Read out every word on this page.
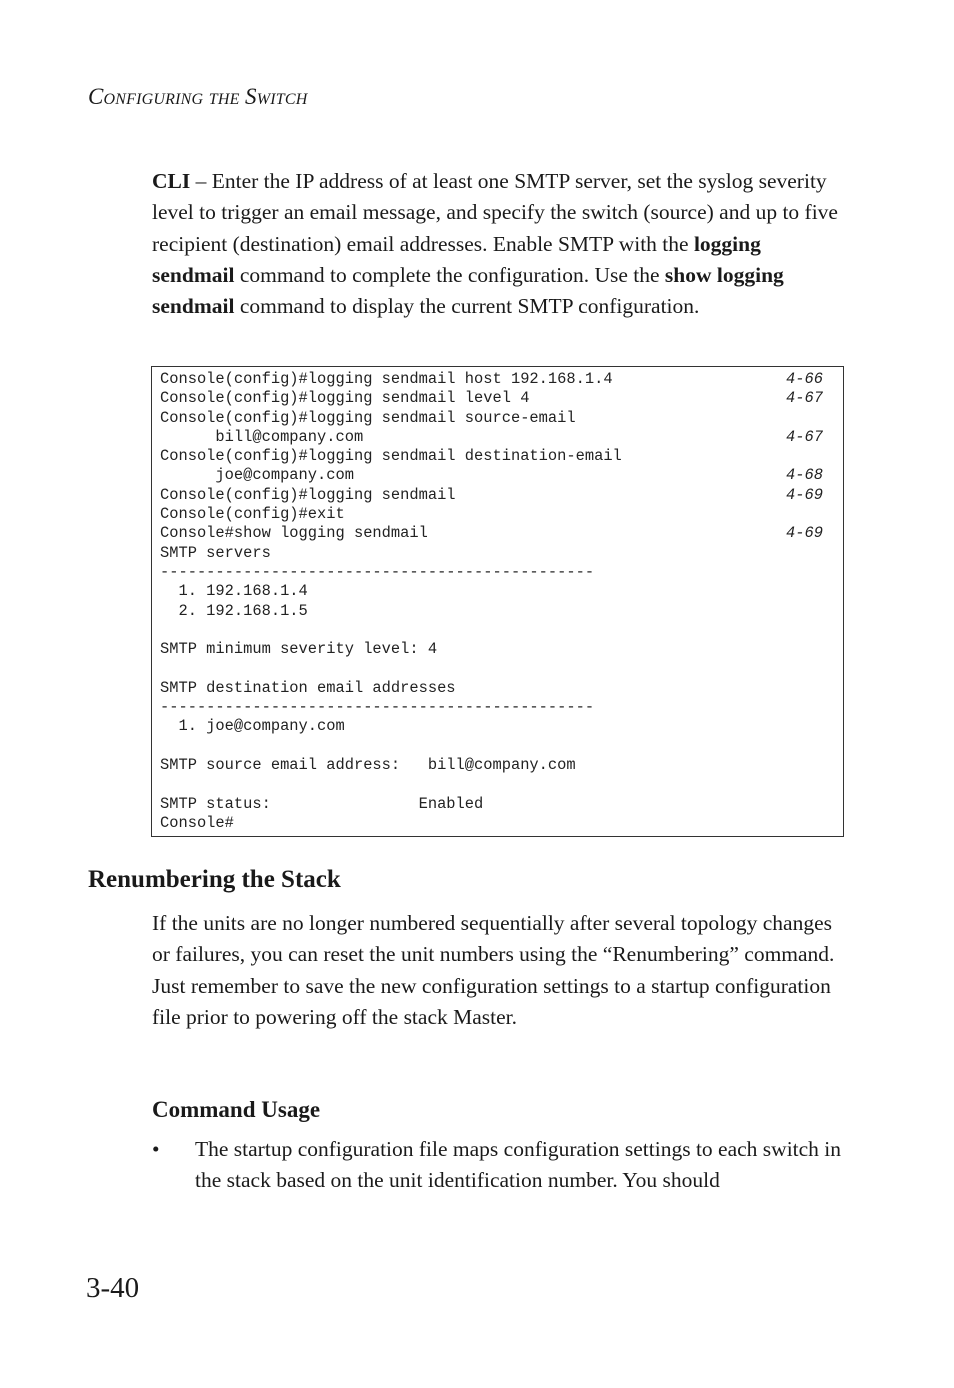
CONFIGURING THE SWITCH

CLI – Enter the IP address of at least one SMTP server, set the syslog severity level to trigger an email message, and specify the switch (source) and up to five recipient (destination) email addresses. Enable SMTP with the logging sendmail command to complete the configuration. Use the show logging sendmail command to display the current SMTP configuration.

Console(config)#logging sendmail host 192.168.1.4	4-66
Console(config)#logging sendmail level 4	4-67
Console(config)#logging sendmail source-email
bill@company.com	4-67
Console(config)#logging sendmail destination-email
joe@company.com	4-68
Console(config)#logging sendmail	4-69
Console(config)#exit
Console#show logging sendmail	4-69
SMTP servers
-----------------------------------------------
1. 192.168.1.4
2. 192.168.1.5
SMTP minimum severity level: 4
SMTP destination email addresses
-----------------------------------------------
1. joe@company.com
SMTP source email address:   bill@company.com
SMTP status:                Enabled
Console#
Renumbering the Stack

If the units are no longer numbered sequentially after several topology changes or failures, you can reset the unit numbers using the “Renumbering” command. Just remember to save the new configuration settings to a startup configuration file prior to powering off the stack Master.

Command Usage
• The startup configuration file maps configuration settings to each switch in the stack based on the unit identification number. You should
3-40
